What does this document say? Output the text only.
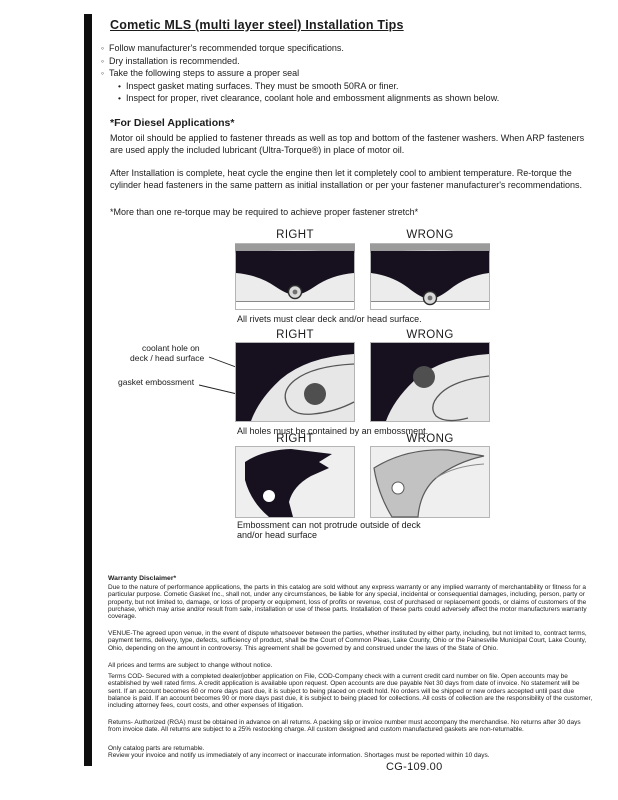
Cometic MLS (multi layer steel) Installation Tips
◦ Follow manufacturer's recommended torque specifications.
◦ Dry installation is recommended.
◦ Take the following steps to assure a proper seal
• Inspect gasket mating surfaces. They must be smooth 50RA or finer.
• Inspect for proper, rivet clearance, coolant hole and embossment alignments as shown below.
*For Diesel Applications*
Motor oil should be applied to fastener threads as well as top and bottom of the fastener washers. When ARP fasteners are used apply the included lubricant (Ultra-Torque®) in place of motor oil.
After Installation is complete, heat cycle the engine then let it completely cool to ambient temperature. Re-torque the cylinder head fasteners in the same pattern as initial installation or per your fastener manufacturer's recommendations.
*More than one re-torque may be required to achieve proper fastener stretch*
RIGHT	WRONG
All rivets must clear deck and/or head surface.
RIGHT	WRONG
coolant hole on
deck / head surface
gasket embossment
All holes must be contained by an embossment.
RIGHT	WRONG
Embossment can not protrude outside of deck and/or head surface
Warranty Disclaimer*
Due to the nature of performance applications, the parts in this catalog are sold without any express warranty or any implied warranty of merchantability or fitness for a particular purpose. Cometic Gasket Inc., shall not, under any circumstances, be liable for any special, incidental or consequential damages, including, person, party or property, but not limited to, damage, or loss of property or equipment, loss of profits or revenue, cost of purchased or replacement goods, or claims of customers of the purchase, which may arise and/or result from sale, installation or use of these parts. Installation of these parts could adversely affect the motor manufacturers warranty coverage.
VENUE-The agreed upon venue, in the event of dispute whatsoever between the parties, whether instituted by either party, including, but not limited to, contract terms, payment terms, delivery, type, defects, sufficiency of product, shall be the Court of Common Pleas, Lake County, Ohio or the Painesville Municipal Court, Lake County, Ohio, depending on the amount in controversy. This agreement shall be governed by and construed under the laws of the State of Ohio.
All prices and terms are subject to change without notice.
Terms COD- Secured with a completed dealer/jobber application on File, COD-Company check with a current credit card number on file. Open accounts may be established by well rated firms. A credit application is available upon request. Open accounts are due payable Net 30 days from date of invoice. No statement will be sent. If an account becomes 60 or more days past due, it is subject to being placed on credit hold. No orders will be shipped or new orders accepted until past due balance is paid. If an account becomes 90 or more days past due, it is subject to being placed for collections. All costs of collection are the responsibility of the customer, including attorney fees, court costs, and other expenses of litigation.
Returns- Authorized (RGA) must be obtained in advance on all returns. A packing slip or invoice number must accompany the merchandise. No returns after 30 days from invoice date. All returns are subject to a 25% restocking charge. All custom designed and custom manufactured gaskets are non-returnable.
Only catalog parts are returnable.
Review your invoice and notify us immediately of any incorrect or inaccurate information. Shortages must be reported within 10 days.
CG-109.00
